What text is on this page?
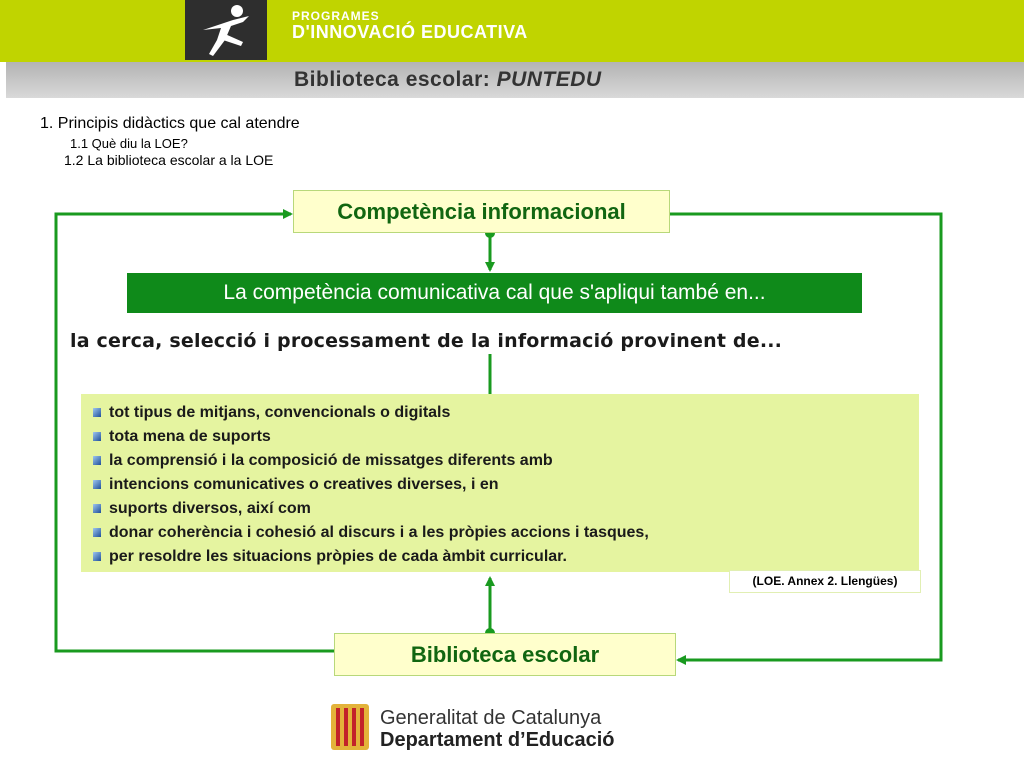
PROGRAMES
D'INNOVACIÓ EDUCATIVA
Biblioteca escolar: PUNTEDU
1. Principis didàctics que cal atendre
1.1 Què diu la LOE?
1.2 La biblioteca escolar a la LOE
Competència informacional
La competència comunicativa cal que s'apliqui també en...
la cerca, selecció i processament de la informació provinent de...
tot tipus de mitjans, convencionals o digitals
tota mena de suports
la comprensió i la composició de missatges diferents amb
intencions comunicatives o creatives diverses, i en
suports diversos, així com
donar coherència i cohesió al discurs i a les pròpies accions i tasques,
per resoldre les situacions pròpies de cada àmbit curricular.
(LOE. Annex 2. Llengües)
Biblioteca escolar
Generalitat de Catalunya
Departament d’Educació
